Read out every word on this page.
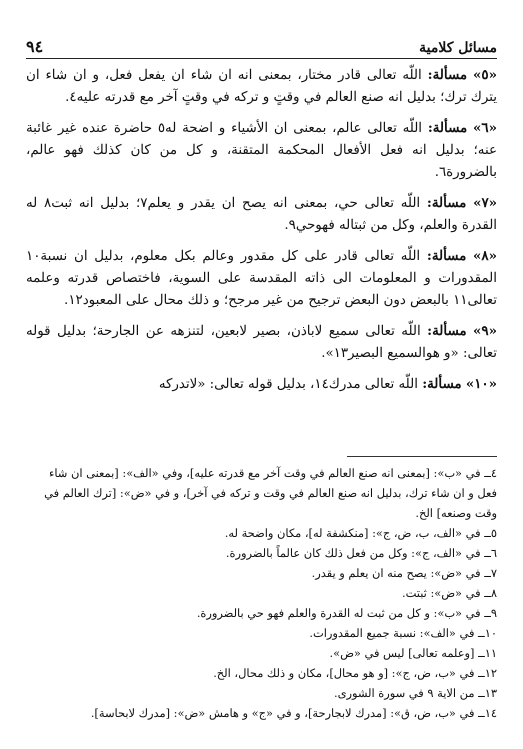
مسائل كلامية
٩٤

«٥» مسألة: اللّه تعالى قادر مختار، بمعنى انه ان شاء ان يفعل فعل، و ان شاء ان يترك ترك؛ بدليل انه صنع العالم في وقتٍ و تركه في وقتٍ آخر مع قدرته عليه٤.

«٦» مسألة: اللّه تعالى عالم، بمعنى ان الأشياء و اضحة له٥ حاضرة عنده غير غائبة عنه؛ بدليل انه فعل الأفعال المحكمة المتقنة، و كل من كان كذلك فهو عالم، بالضرورة٦.

«٧» مسألة: اللّه تعالى حي، بمعنى انه يصح ان يقدر و يعلم٧؛ بدليل انه ثبت٨ له القدرة والعلم، وكل من ثبتاله فهوحي٩.

«٨» مسألة: اللّه تعالى قادر على كل مقدور وعالم بكل معلوم، بدليل ان نسبة١٠ المقدورات و المعلومات الى ذاته المقدسة على السوية، فاختصاص قدرته وعلمه تعالى١١ بالبعض دون البعض ترجيح من غير مرجح؛ و ذلك محال على المعبود١٢.

«٩» مسألة: اللّه تعالى سميع لاباذن، بصير لابعين، لتنزهه عن الجارحة؛ بدليل قوله تعالى: «و هوالسميع البصير١٣».

«١٠» مسألة: اللّه تعالى مدرك١٤، بدليل قوله تعالى: «لاتدركه

٤ــ في «ب»: [بمعنى انه صنع العالم في وقت آخر مع قدرته عليه]، وفي «الف»: [بمعنى ان شاء فعل و ان شاء ترك، بدليل انه صنع العالم في وقت و تركه في آخر]، و في «ض»: [ترك العالم في وقت وصنعه] الخ.

٥ــ في «الف، ب، ض، ج»: [منكشفة له]، مكان واضحة له.

٦ــ في «الف، ج»: وكل من فعل ذلك كان عالماً بالضرورة.

٧ــ في «ض»: يصح منه ان يعلم و يقدر.

٨ــ في «ض»: ثبتت.

٩ــ في «ب»: و كل من ثبت له القدرة والعلم فهو حي بالضرورة.

١٠ــ في «الف»: نسبة جميع المقدورات.

١١ــ [وعلمه تعالى] ليس في «ض».

١٢ــ في «ب، ض، ج»: [و هو محال]، مكان و ذلك محال، الخ.

١٣ــ من الاية ٩ في سورة الشورى.

١٤ــ في «ب، ض، ق»: [مدرك لابجارحة]، و في «ج» و هامش «ض»: [مدرك لابحاسة].
